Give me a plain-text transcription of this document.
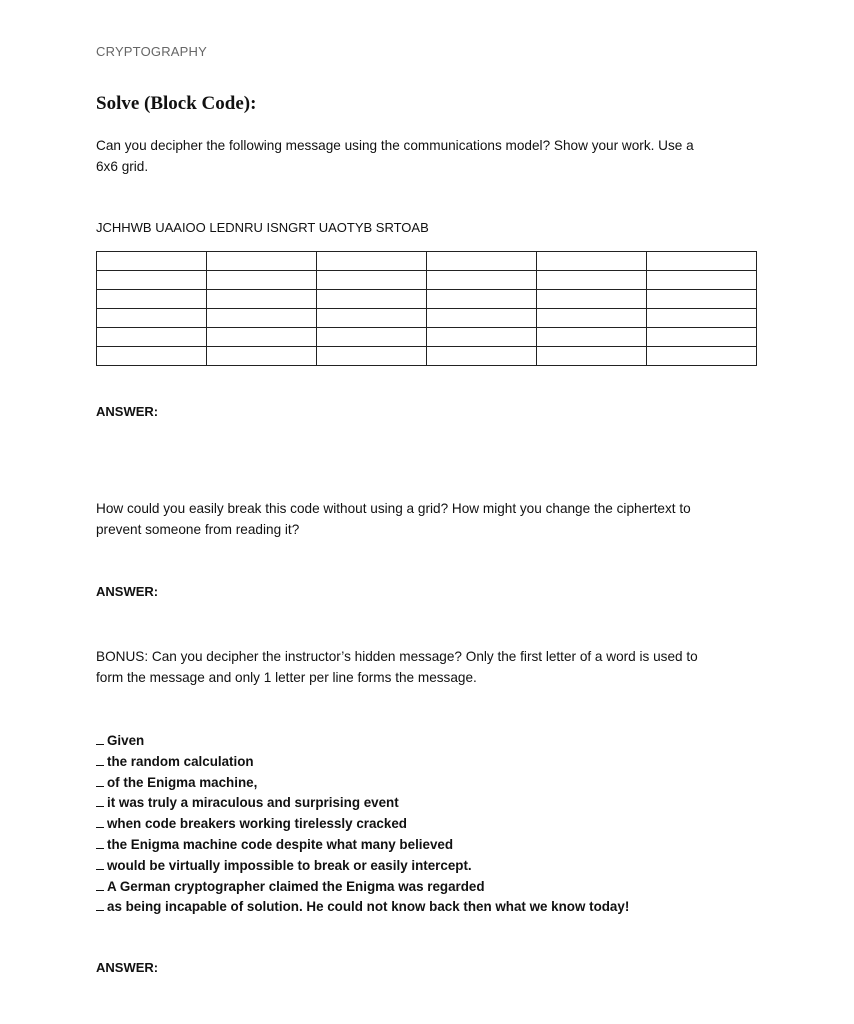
CRYPTOGRAPHY
Solve (Block Code):
Can you decipher the following message using the communications model? Show your work. Use a
6x6 grid.
JCHHWB UAAIOO LEDNRU ISNGRT UAOTYB SRTOAB

ANSWER:
How could you easily break this code without using a grid? How might you change the ciphertext to
prevent someone from reading it?
ANSWER:
BONUS: Can you decipher the instructor’s hidden message? Only the first letter of a word is used to
form the message and only 1 letter per line forms the message.
Given
the random calculation
of the Enigma machine,
it was truly a miraculous and surprising event
when code breakers working tirelessly cracked
the Enigma machine code despite what many believed
would be virtually impossible to break or easily intercept.
A German cryptographer claimed the Enigma was regarded
as being incapable of solution. He could not know back then what we know today!
ANSWER:
